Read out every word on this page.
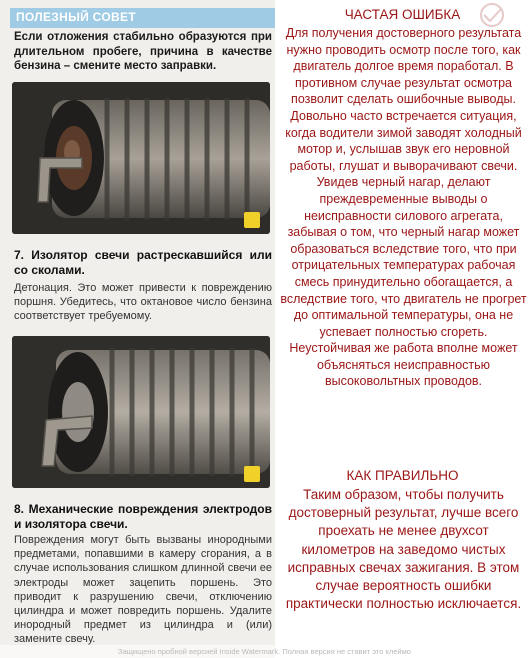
ПОЛЕЗНЫЙ СОВЕТ
Если отложения стабильно образуются при длительном пробеге, причина в качестве бензина – смените место заправки.
7. Изолятор свечи растрескавшийся или со сколами.
Детонация. Это может привести к повреждению поршня. Убедитесь, что октановое число бензина соответствует требуемому.
8. Механические повреждения электродов и изолятора свечи.
Повреждения могут быть вызваны инородными предметами, попавшими в камеру сгорания, а в случае использования слишком длинной свечи ее электроды может зацепить поршень. Это приводит к разрушению свечи, отключению цилиндра и может повредить поршень. Удалите инородный предмет из цилиндра и (или) замените свечу.
ЧАСТАЯ ОШИБКА
Для получения достоверного результата нужно проводить осмотр после того, как двигатель долгое время поработал. В противном случае результат осмотра позволит сделать ошибочные выводы. Довольно часто встречается ситуация, когда водители зимой заводят холодный мотор и, услышав звук его неровной работы, глушат и выворачивают свечи. Увидев черный нагар, делают преждевременные выводы о неисправности силового агрегата, забывая о том, что черный нагар может образоваться вследствие того, что при отрицательных температурах рабочая смесь принудительно обогащается, а вследствие того, что двигатель не прогрет до оптимальной температуры, она не успевает полностью сгореть. Неустойчивая же работа вполне может объясняться неисправностью высоковольтных проводов.
КАК ПРАВИЛЬНО
Таким образом, чтобы получить достоверный результат, лучше всего проехать не менее двухсот километров на заведомо чистых исправных свечах зажигания. В этом случае вероятность ошибки практически полностью исключается.
Защищено пробной версией Inside Watermark. Полная версия не ставит это клеймо
